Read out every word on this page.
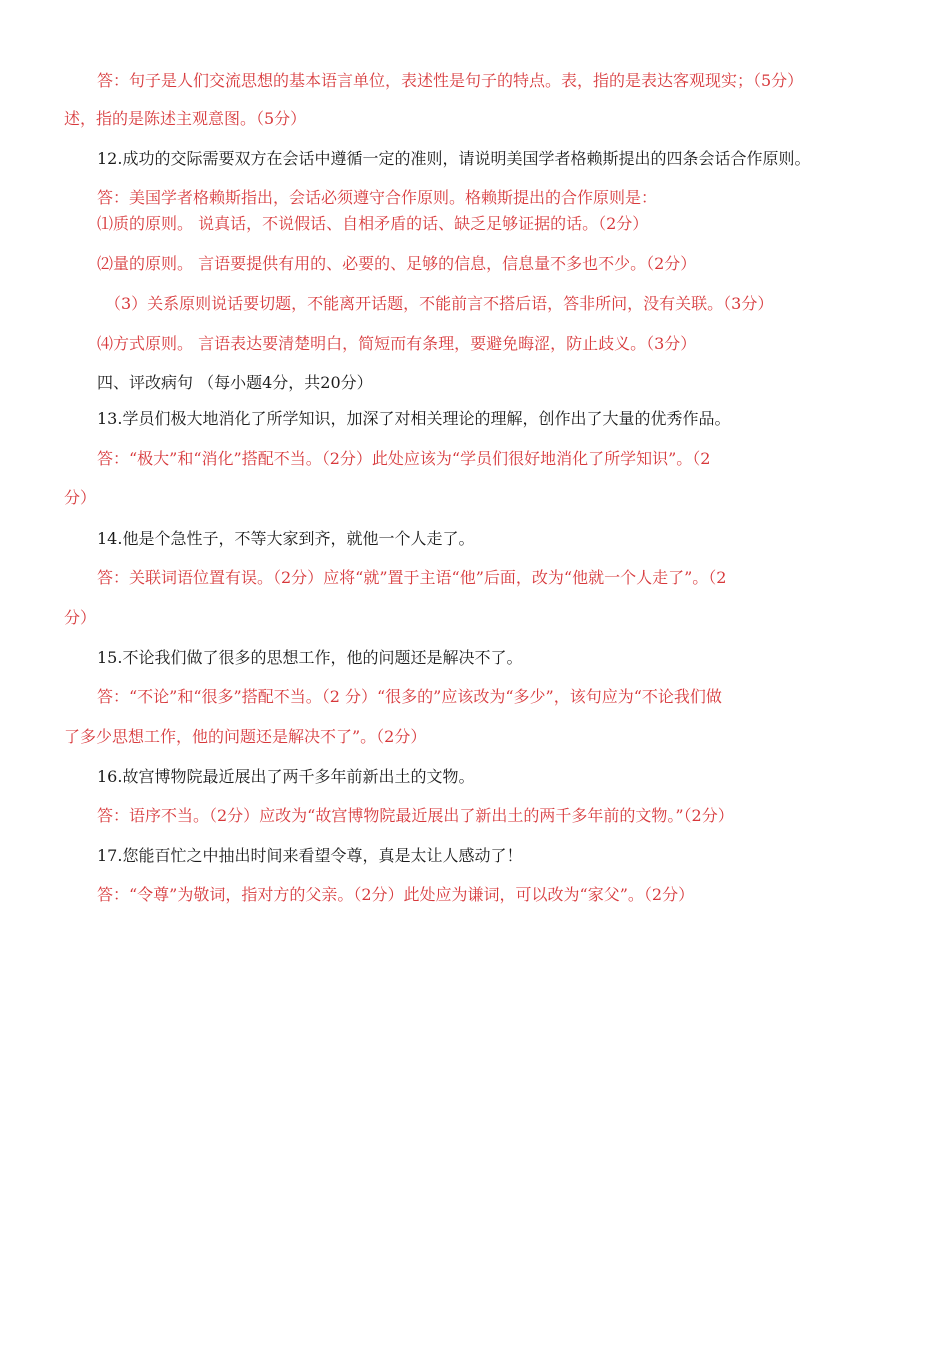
答：句子是人们交流思想的基本语言单位，表述性是句子的特点。表，指的是表达客观现实；（5分）
述，指的是陈述主观意图。（5分）
12.成功的交际需要双方在会话中遵循一定的准则，请说明美国学者格赖斯提出的四条会话合作原则。
答：美国学者格赖斯指出，会话必须遵守合作原则。格赖斯提出的合作原则是：
⑴质的原则。 说真话，不说假话、自相矛盾的话、缺乏足够证据的话。（2分）
⑵量的原则。 言语要提供有用的、必要的、足够的信息，信息量不多也不少。（2分）
（3）关系原则说话要切题，不能离开话题，不能前言不搭后语，答非所问，没有关联。（3分）
⑷方式原则。 言语表达要清楚明白，简短而有条理，要避免晦涩，防止歧义。（3分）
四、评改病句 （每小题4分，共20分）
13.学员们极大地消化了所学知识，加深了对相关理论的理解，创作出了大量的优秀作品。
答：“极大”和“消化”搭配不当。（2分）此处应该为“学员们很好地消化了所学知识”。（2
分）
14.他是个急性子，不等大家到齐，就他一个人走了。
答：关联词语位置有误。（2分）应将“就”置于主语“他”后面，改为“他就一个人走了”。（2
分）
15.不论我们做了很多的思想工作，他的问题还是解决不了。
答：“不论”和“很多”搭配不当。（2 分）“很多的”应该改为“多少”，该句应为“不论我们做
了多少思想工作，他的问题还是解决不了”。（2分）
16.故宫博物院最近展出了两千多年前新出土的文物。
答：语序不当。（2分）应改为“故宫博物院最近展出了新出土的两千多年前的文物。”（2分）
17.您能百忙之中抽出时间来看望令尊，真是太让人感动了！
答：“令尊”为敬词，指对方的父亲。（2分）此处应为谦词，可以改为“家父”。（2分）
